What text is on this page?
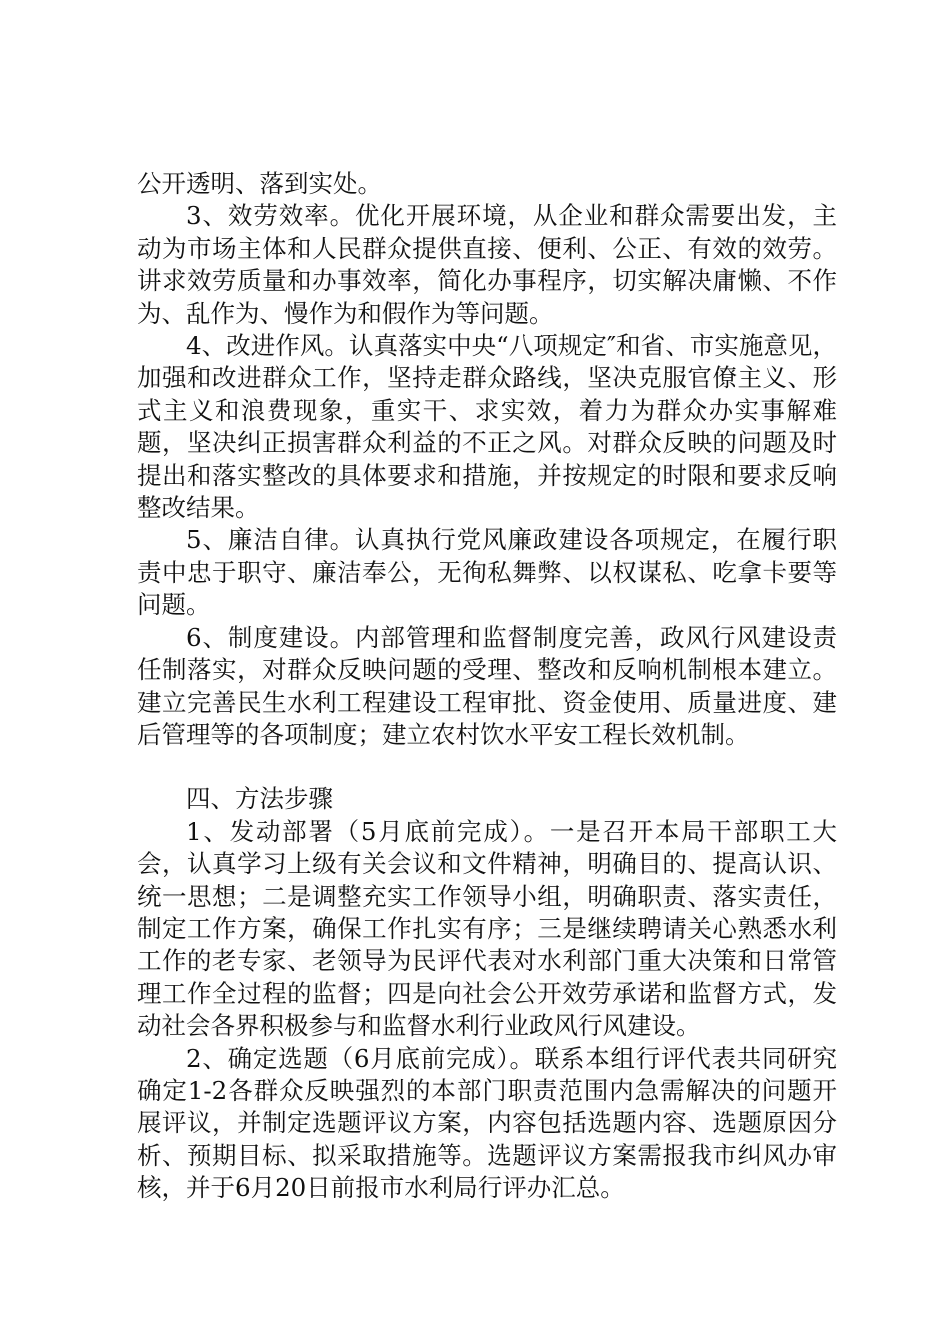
公开透明、落到实处。

3、效劳效率。优化开展环境，从企业和群众需要出发，主动为市场主体和人民群众提供直接、便利、公正、有效的效劳。讲求效劳质量和办事效率，简化办事程序，切实解决庸懒、不作为、乱作为、慢作为和假作为等问题。

4、改进作风。认真落实中央“八项规定″和省、市实施意见，加强和改进群众工作，坚持走群众路线，坚决克服官僚主义、形式主义和浪费现象，重实干、求实效，着力为群众办实事解难题，坚决纠正损害群众利益的不正之风。对群众反映的问题及时提出和落实整改的具体要求和措施，并按规定的时限和要求反响整改结果。

5、廉洁自律。认真执行党风廉政建设各项规定，在履行职责中忠于职守、廉洁奉公，无徇私舞弊、以权谋私、吃拿卡要等问题。

6、制度建设。内部管理和监督制度完善，政风行风建设责任制落实，对群众反映问题的受理、整改和反响机制根本建立。建立完善民生水利工程建设工程审批、资金使用、质量进度、建后管理等的各项制度；建立农村饮水平安工程长效机制。

四、方法步骤

1、发动部署（5月底前完成）。一是召开本局干部职工大会，认真学习上级有关会议和文件精神，明确目的、提高认识、统一思想；二是调整充实工作领导小组，明确职责、落实责任，制定工作方案，确保工作扎实有序；三是继续聘请关心熟悉水利工作的老专家、老领导为民评代表对水利部门重大决策和日常管理工作全过程的监督；四是向社会公开效劳承诺和监督方式，发动社会各界积极参与和监督水利行业政风行风建设。

2、确定选题（6月底前完成）。联系本组行评代表共同研究确定1-2各群众反映强烈的本部门职责范围内急需解决的问题开展评议，并制定选题评议方案，内容包括选题内容、选题原因分析、预期目标、拟采取措施等。选题评议方案需报我市纠风办审核，并于6月20日前报市水利局行评办汇总。
